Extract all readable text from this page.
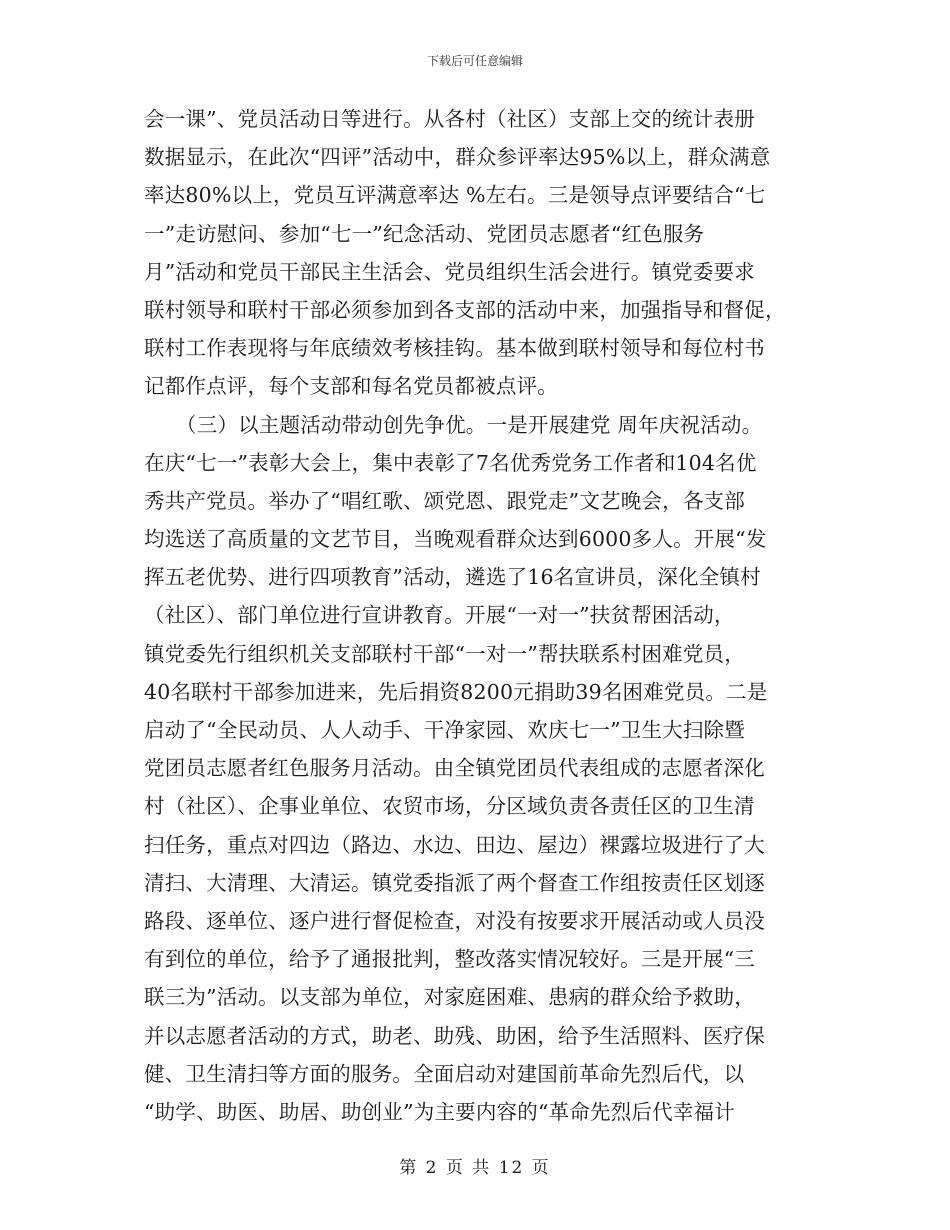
下载后可任意编辑
会一课”、党员活动日等进行。从各村（社区）支部上交的统计表册
数据显示，在此次“四评”活动中，群众参评率达95%以上，群众满意
率达80%以上，党员互评满意率达 %左右。三是领导点评要结合“七
一”走访慰问、参加“七一”纪念活动、党团员志愿者“红色服务
月”活动和党员干部民主生活会、党员组织生活会进行。镇党委要求
联村领导和联村干部必须参加到各支部的活动中来，加强指导和督促，
联村工作表现将与年底绩效考核挂钩。基本做到联村领导和每位村书
记都作点评，每个支部和每名党员都被点评。
（三）以主题活动带动创先争优。一是开展建党 周年庆祝活动。
在庆“七一”表彰大会上，集中表彰了7名优秀党务工作者和104名优
秀共产党员。举办了“唱红歌、颂党恩、跟党走”文艺晚会，各支部
均选送了高质量的文艺节目，当晚观看群众达到6000多人。开展“发
挥五老优势、进行四项教育”活动，遴选了16名宣讲员，深化全镇村
（社区）、部门单位进行宣讲教育。开展“一对一”扶贫帮困活动，
镇党委先行组织机关支部联村干部“一对一”帮扶联系村困难党员，
40名联村干部参加进来，先后捐资8200元捐助39名困难党员。二是
启动了“全民动员、人人动手、干净家园、欢庆七一”卫生大扫除暨
党团员志愿者红色服务月活动。由全镇党团员代表组成的志愿者深化
村（社区）、企事业单位、农贸市场，分区域负责各责任区的卫生清
扫任务，重点对四边（路边、水边、田边、屋边）裸露垃圾进行了大
清扫、大清理、大清运。镇党委指派了两个督查工作组按责任区划逐
路段、逐单位、逐户进行督促检查，对没有按要求开展活动或人员没
有到位的单位，给予了通报批判，整改落实情况较好。三是开展“三
联三为”活动。以支部为单位，对家庭困难、患病的群众给予救助，
并以志愿者活动的方式，助老、助残、助困，给予生活照料、医疗保
健、卫生清扫等方面的服务。全面启动对建国前革命先烈后代，以
“助学、助医、助居、助创业”为主要内容的“革命先烈后代幸福计
第 2 页 共 12 页
